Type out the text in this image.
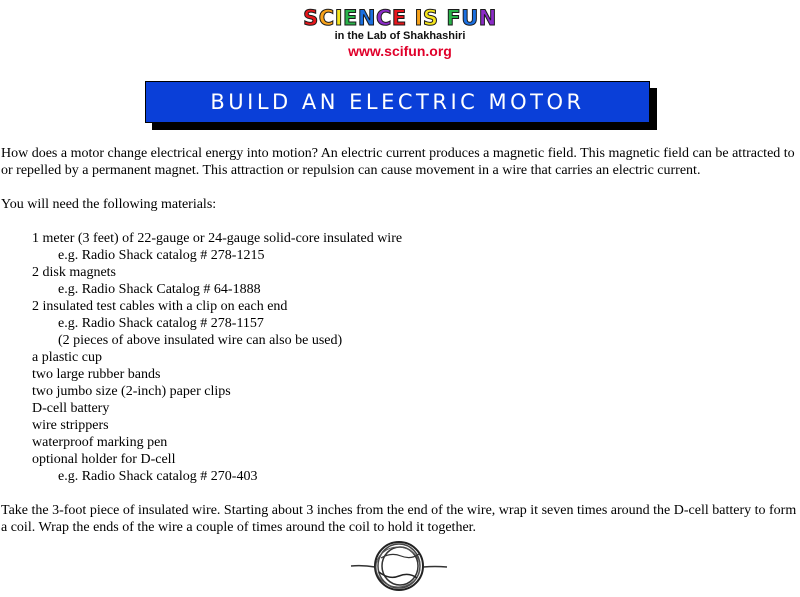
SCIENCE IS FUN
in the Lab of Shakhashiri
www.scifun.org
BUILD AN ELECTRIC MOTOR

How does a motor change electrical energy into motion? An electric current produces a magnetic field. This magnetic field can be attracted to or repelled by a permanent magnet. This attraction or repulsion can cause movement in a wire that carries an electric current.

You will need the following materials:

1 meter (3 feet) of 22-gauge or 24-gauge solid-core insulated wire
e.g. Radio Shack catalog # 278-1215
2 disk magnets
e.g. Radio Shack Catalog # 64-1888
2 insulated test cables with a clip on each end
e.g. Radio Shack catalog # 278-1157
(2 pieces of above insulated wire can also be used)
a plastic cup
two large rubber bands
two jumbo size (2-inch) paper clips
D-cell battery
wire strippers
waterproof marking pen
optional holder for D-cell
e.g. Radio Shack catalog # 270-403

Take the 3-foot piece of insulated wire. Starting about 3 inches from the end of the wire, wrap it seven times around the D-cell battery to form a coil. Wrap the ends of the wire a couple of times around the coil to hold it together.
